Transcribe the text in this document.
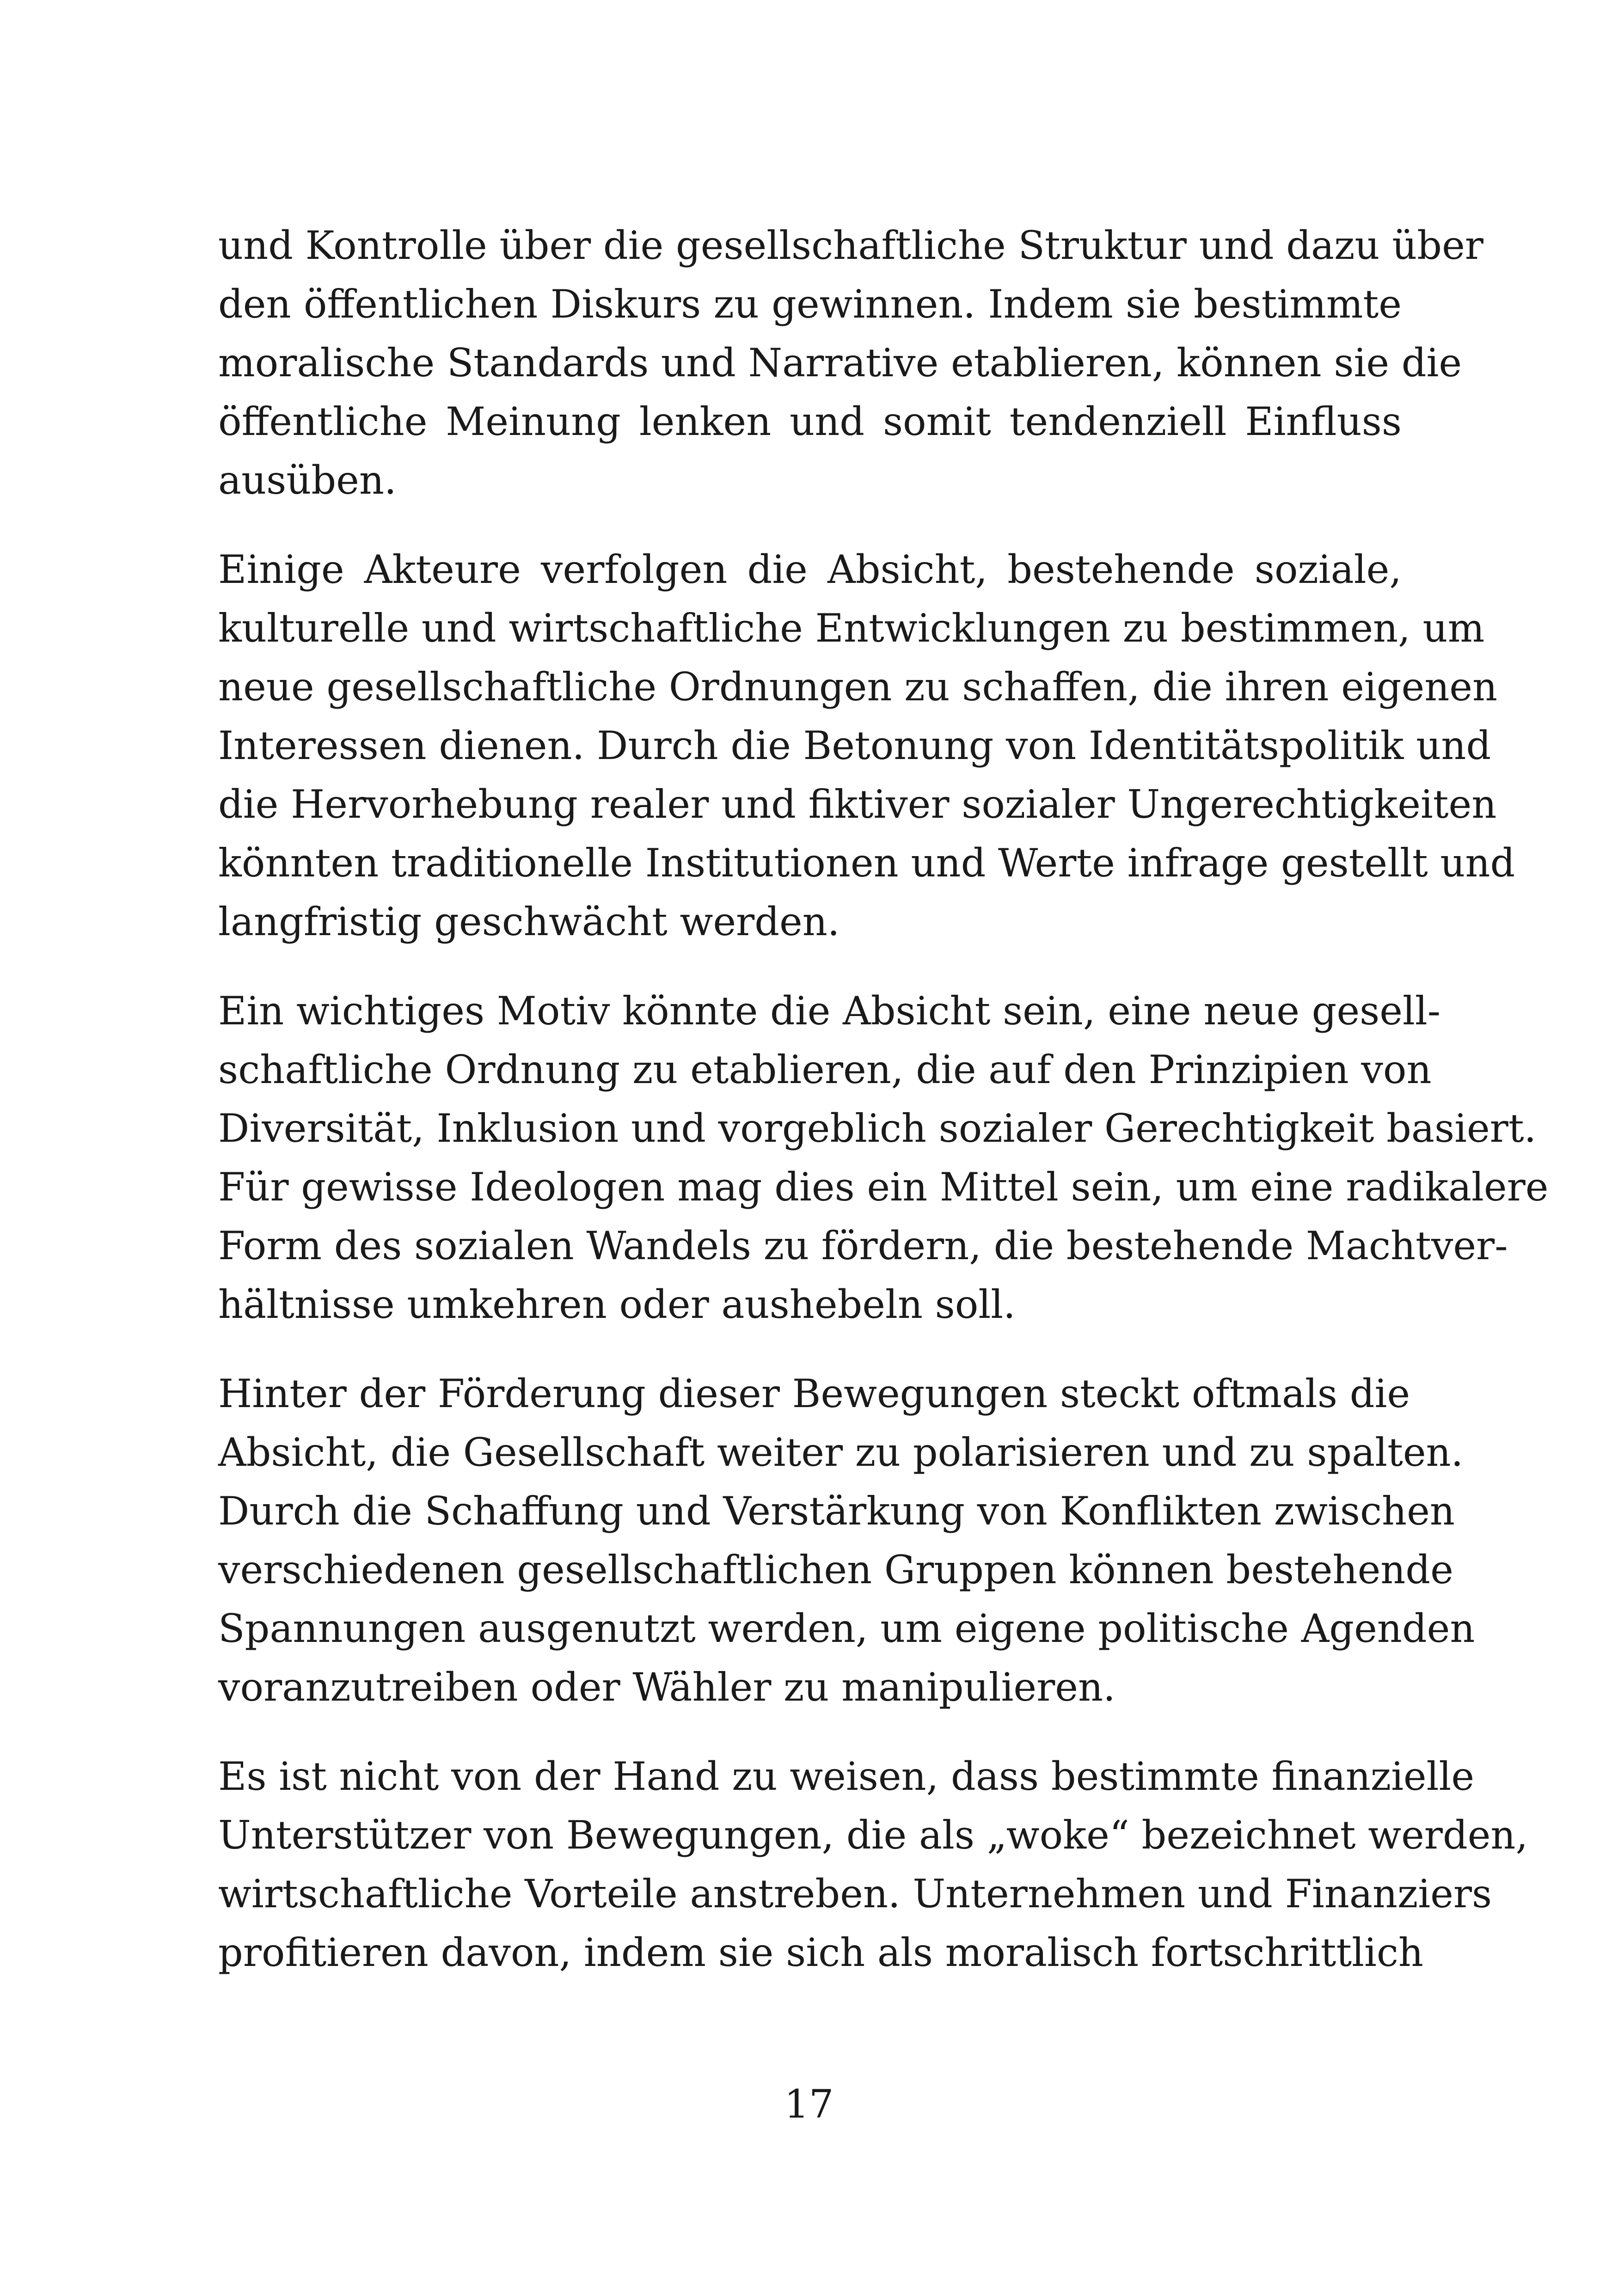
und Kontrolle über die gesellschaftliche Struktur und dazu über
den öffentlichen Diskurs zu gewinnen. Indem sie bestimmte
moralische Standards und Narrative etablieren, können sie die
öffentliche Meinung lenken und somit tendenziell Einfluss
ausüben.

Einige Akteure verfolgen die Absicht, bestehende soziale,
kulturelle und wirtschaftliche Entwicklungen zu bestimmen, um
neue gesellschaftliche Ordnungen zu schaffen, die ihren eigenen
Interessen dienen. Durch die Betonung von Identitätspolitik und
die Hervorhebung realer und fiktiver sozialer Ungerechtigkeiten
könnten traditionelle Institutionen und Werte infrage gestellt und
langfristig geschwächt werden.

Ein wichtiges Motiv könnte die Absicht sein, eine neue gesell-
schaftliche Ordnung zu etablieren, die auf den Prinzipien von
Diversität, Inklusion und vorgeblich sozialer Gerechtigkeit basiert.
Für gewisse Ideologen mag dies ein Mittel sein, um eine radikalere
Form des sozialen Wandels zu fördern, die bestehende Machtver-
hältnisse umkehren oder aushebeln soll.

Hinter der Förderung dieser Bewegungen steckt oftmals die
Absicht, die Gesellschaft weiter zu polarisieren und zu spalten.
Durch die Schaffung und Verstärkung von Konflikten zwischen
verschiedenen gesellschaftlichen Gruppen können bestehende
Spannungen ausgenutzt werden, um eigene politische Agenden
voranzutreiben oder Wähler zu manipulieren.

Es ist nicht von der Hand zu weisen, dass bestimmte finanzielle
Unterstützer von Bewegungen, die als „woke“ bezeichnet werden,
wirtschaftliche Vorteile anstreben. Unternehmen und Finanziers
profitieren davon, indem sie sich als moralisch fortschrittlich

17
